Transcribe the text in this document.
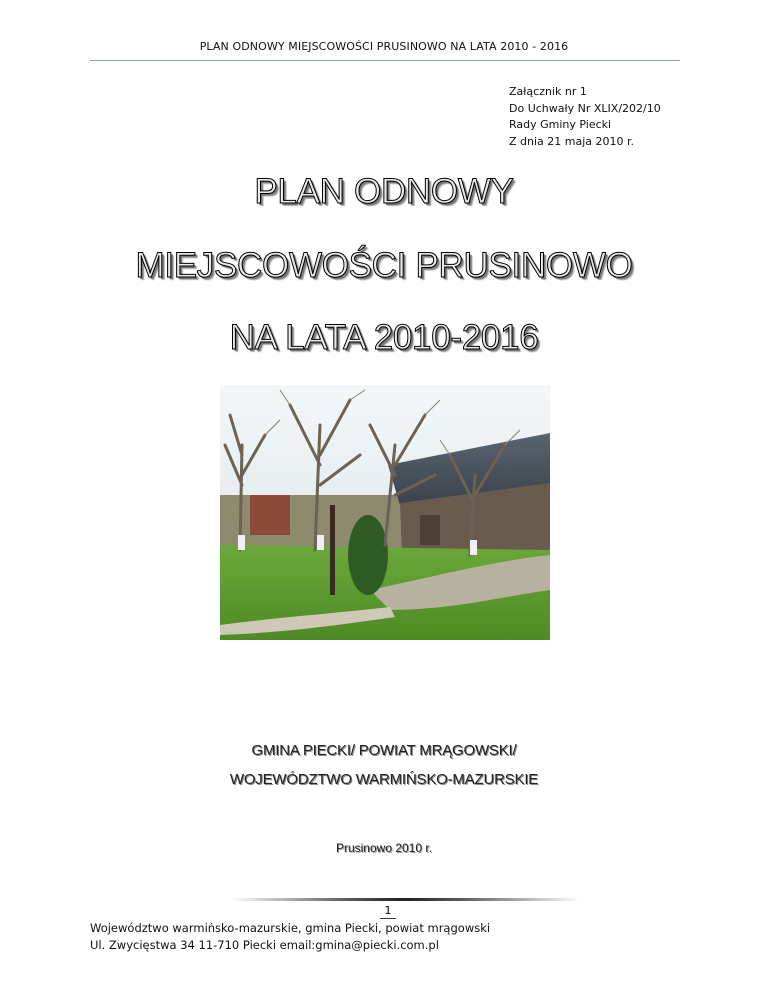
PLAN ODNOWY MIEJSCOWOŚCI PRUSINOWO NA LATA 2010 - 2016
Załącznik nr 1
Do Uchwały Nr XLIX/202/10
Rady Gminy Piecki
Z dnia 21 maja 2010 r.
PLAN ODNOWY
MIEJSCOWOŚCI PRUSINOWO
NA LATA 2010-2016
GMINA PIECKI/ POWIAT MRĄGOWSKI/
WOJEWÓDZTWO WARMIŃSKO-MAZURSKIE
Prusinowo 2010 r.
1
Województwo warmińsko-mazurskie, gmina Piecki, powiat mrągowski
Ul. Zwycięstwa 34 11-710 Piecki email:gmina@piecki.com.pl
